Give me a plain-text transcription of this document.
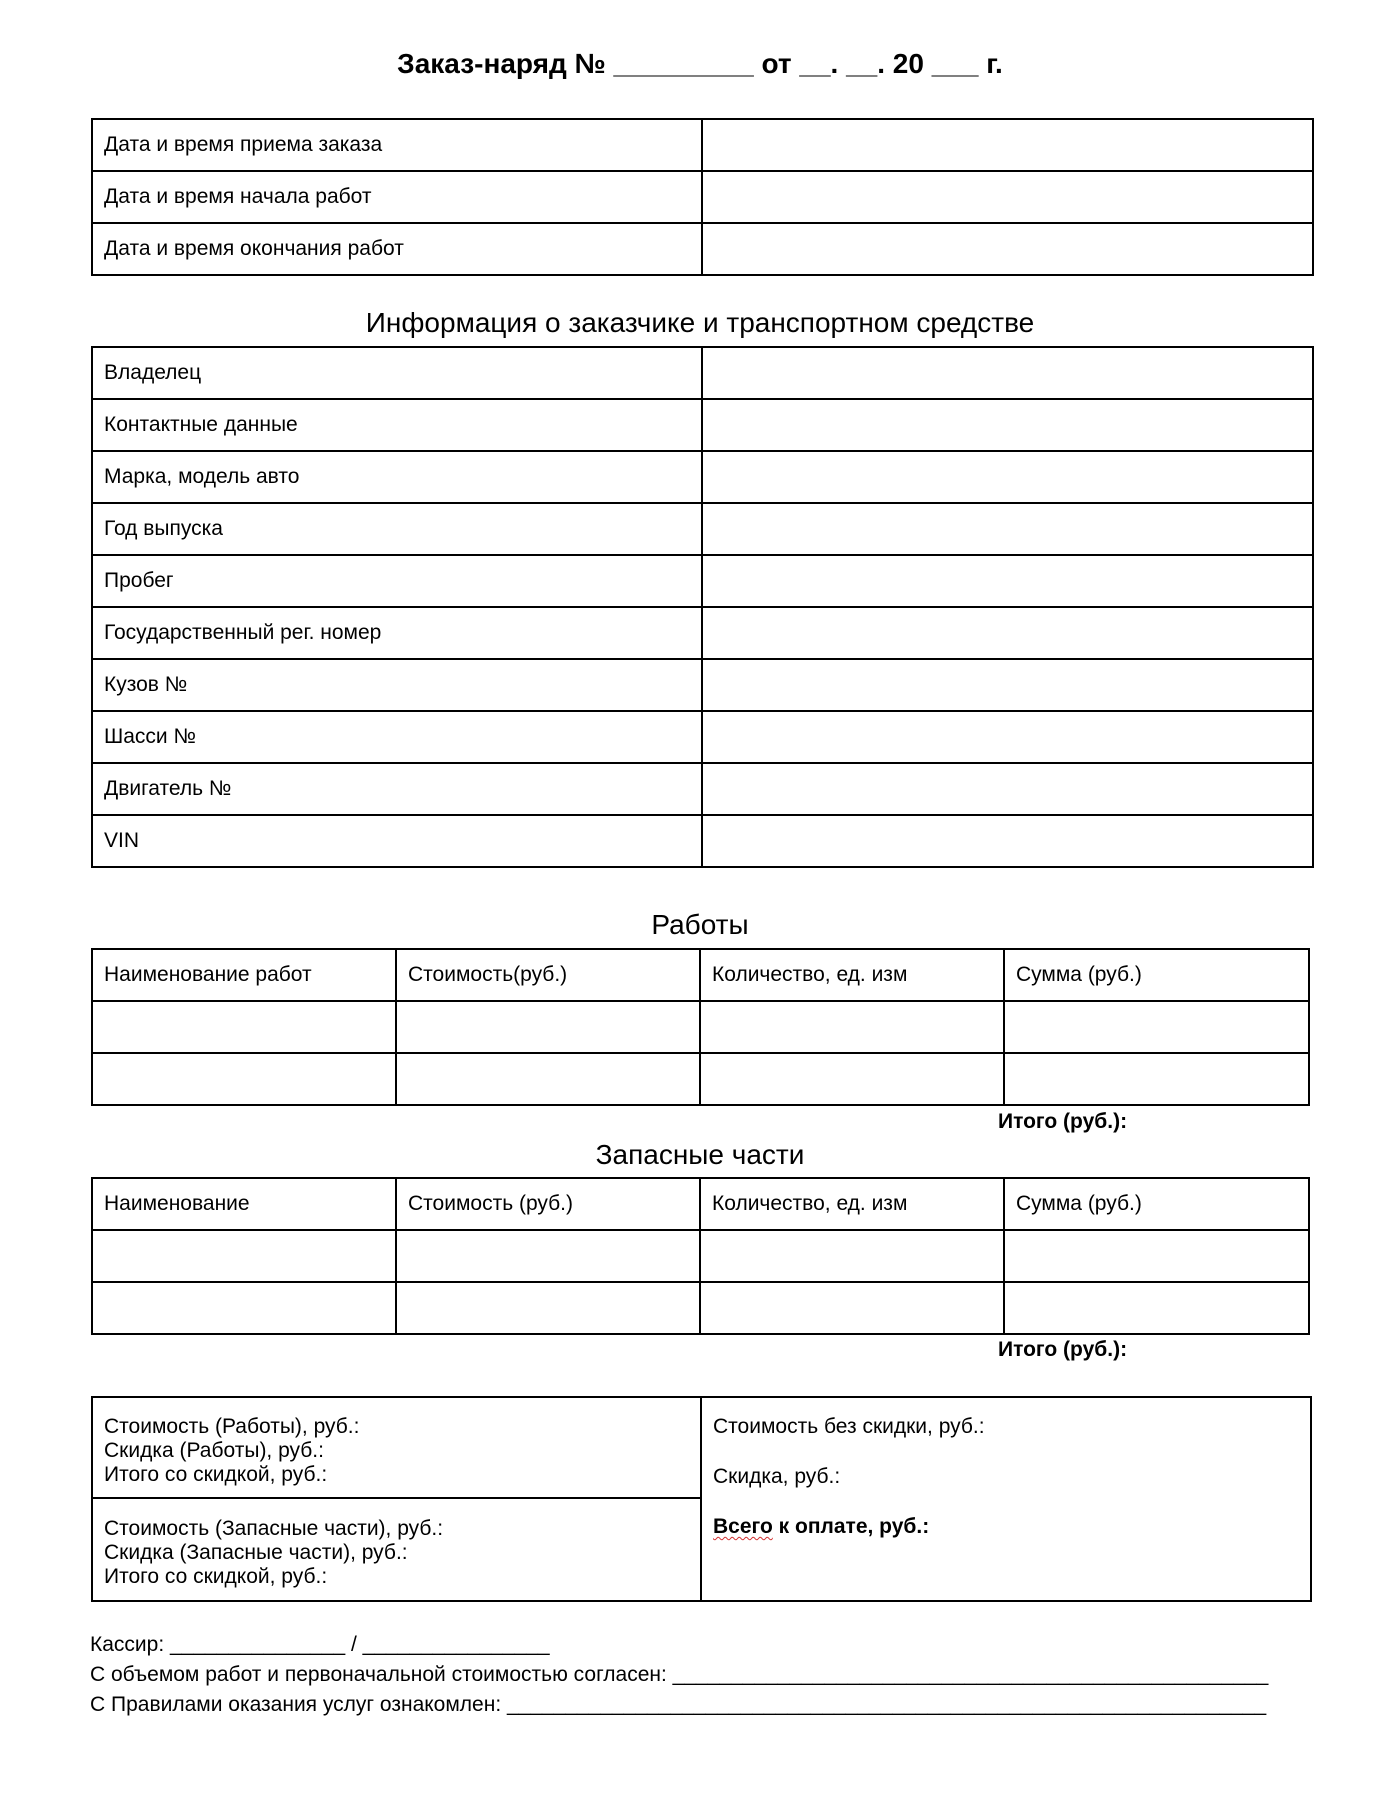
Заказ-наряд № _________ от __. __. 20 ___ г.
Дата и время приема заказа	
Дата и время начала работ	
Дата и время окончания работ	
Информация о заказчике и транспортном средстве
Владелец	
Контактные данные	
Марка, модель авто	
Год выпуска	
Пробег	
Государственный рег. номер	
Кузов №	
Шасси №	
Двигатель №	
VIN	
Работы
Наименование работ	Стоимость(руб.)	Количество, ед. изм	Сумма (руб.)

Итого (руб.):
Запасные части
Наименование	Стоимость (руб.)	Количество, ед. изм	Сумма (руб.)

Итого (руб.):
Стоимость (Работы), руб.:
Скидка (Работы), руб.:
Итого со скидкой, руб.:
Стоимость (Запасные части), руб.:
Скидка (Запасные части), руб.:
Итого со скидкой, руб.:
Стоимость без скидки, руб.:
Скидка, руб.:
Всего к оплате, руб.:
Кассир: _______________ / ________________
С объемом работ и первоначальной стоимостью согласен: ___________________________________________________
С Правилами оказания услуг ознакомлен: _________________________________________________________________
